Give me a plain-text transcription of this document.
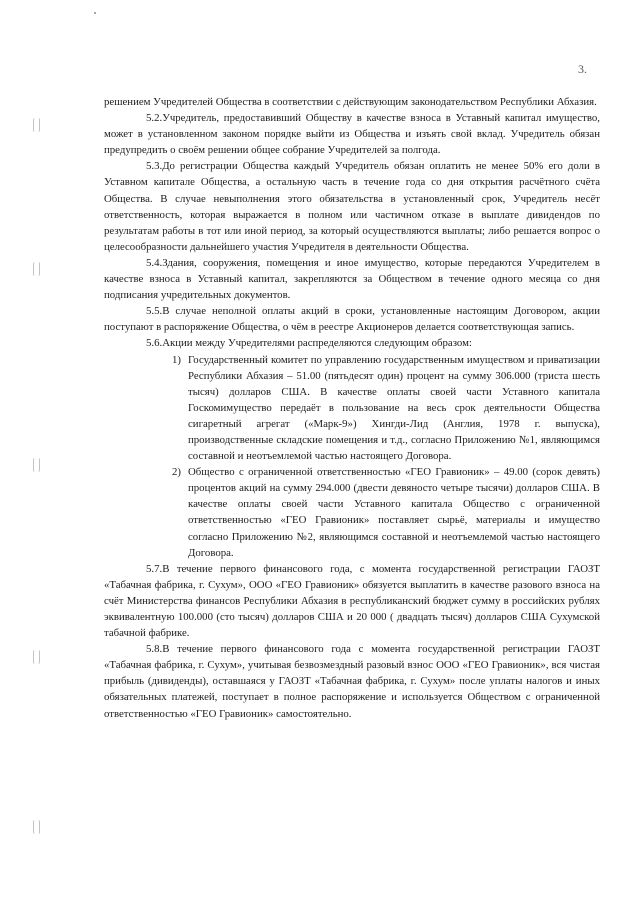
3.

решением Учредителей Общества в соответствии с действующим законодательством Республики Абхазия.

5.2.Учредитель, предоставивший Обществу в качестве взноса в Уставный капитал имущество, может в установленном законом порядке выйти из Общества и изъять свой вклад. Учредитель обязан предупредить о своём решении общее собрание Учредителей за полгода.

5.3.До регистрации Общества каждый Учредитель обязан оплатить не менее 50% его доли в Уставном капитале Общества, а остальную часть в течение года со дня открытия расчётного счёта Общества. В случае невыполнения этого обязательства в установленный срок, Учредитель несёт ответственность, которая выражается в полном или частичном отказе в выплате дивидендов по результатам работы в тот или иной период, за который осуществляются выплаты; либо решается вопрос о целесообразности дальнейшего участия Учредителя в деятельности Общества.

5.4.Здания, сооружения, помещения и иное имущество, которые передаются Учредителем в качестве взноса в Уставный капитал, закрепляются за Обществом в течение одного месяца со дня подписания учредительных документов.

5.5.В случае неполной оплаты акций в сроки, установленные настоящим Договором, акции поступают в распоряжение Общества, о чём в реестре Акционеров делается соответствующая запись.

5.6.Акции между Учредителями распределяются следующим образом:

1) Государственный комитет по управлению государственным имуществом и приватизации Республики Абхазия – 51.00 (пятьдесят один) процент на сумму 306.000 (триста шесть тысяч) долларов США. В качестве оплаты своей части Уставного капитала Госкомимущество передаёт в пользование на весь срок деятельности Общества сигаретный агрегат («Марк-9») Хингди-Лид (Англия, 1978 г. выпуска), производственные складские помещения и т.д., согласно Приложению №1, являющимся составной и неотъемлемой частью настоящего Договора.
2) Общество с ограниченной ответственностью «ГЕО Гравионик» – 49.00 (сорок девять) процентов акций на сумму 294.000 (двести девяносто четыре тысячи) долларов США. В качестве оплаты своей части Уставного капитала Общество с ограниченной ответственностью «ГЕО Гравионик» поставляет сырьё, материалы и имущество согласно Приложению №2, являющимся составной и неотъемлемой частью настоящего Договора.

5.7.В течение первого финансового года, с момента государственной регистрации ГАОЗТ «Табачная фабрика, г. Сухум», ООО «ГЕО Гравионик» обязуется выплатить в качестве разового взноса на счёт Министерства финансов Республики Абхазия в республиканский бюджет сумму в российских рублях эквивалентную 100.000 (сто тысяч) долларов США и 20 000 ( двадцать тысяч) долларов США Сухумской табачной фабрике.

5.8.В течение первого финансового года с момента государственной регистрации ГАОЗТ «Табачная фабрика, г. Сухум», учитывая безвозмездный разовый взнос ООО «ГЕО Гравионик», вся чистая прибыль (дивиденды), оставшаяся у ГАОЗТ «Табачная фабрика, г. Сухум» после уплаты налогов и иных обязательных платежей, поступает в полное распоряжение и используется Обществом с ограниченной ответственностью «ГЕО Гравионик» самостоятельно.
